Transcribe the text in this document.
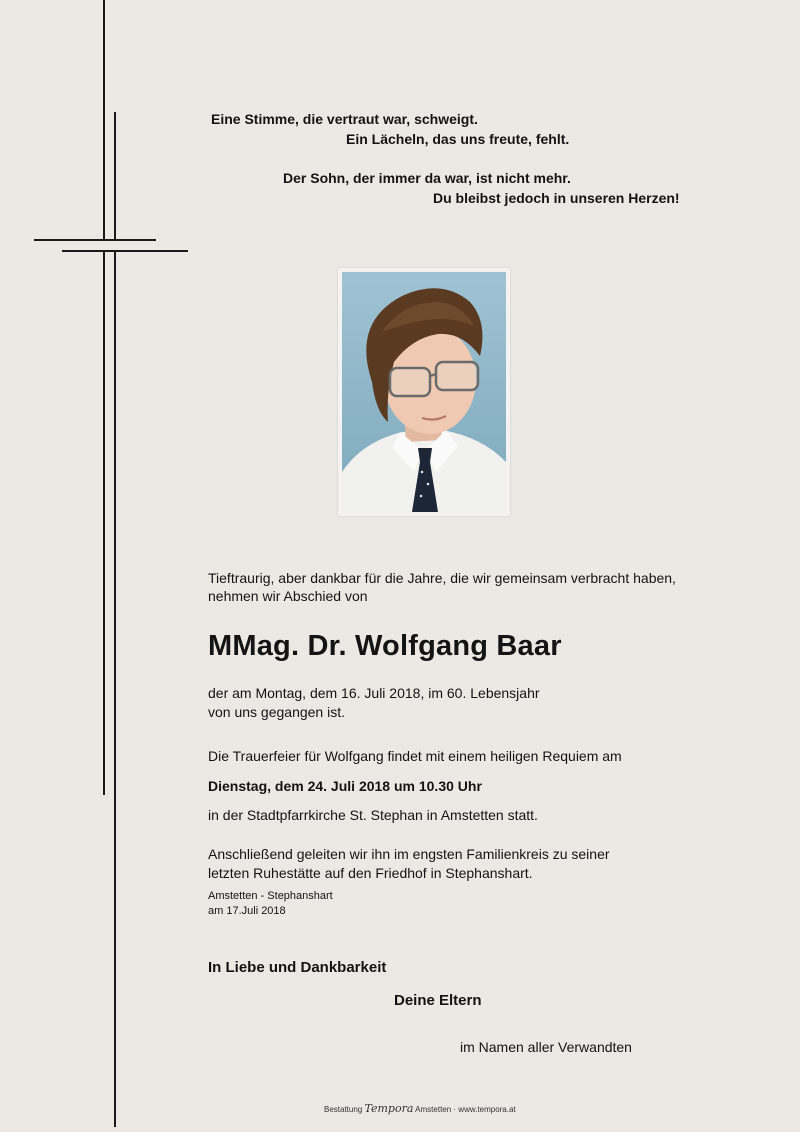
Eine Stimme, die vertraut war, schweigt.
Ein Lächeln, das uns freute, fehlt.
Der Sohn, der immer da war, ist nicht mehr.
Du bleibst jedoch in unseren Herzen!
Tieftraurig, aber dankbar für die Jahre, die wir gemeinsam verbracht haben,
nehmen wir Abschied von
MMag. Dr. Wolfgang Baar
der am Montag, dem 16. Juli 2018, im 60. Lebensjahr
von uns gegangen ist.
Die Trauerfeier für Wolfgang findet mit einem heiligen Requiem am
Dienstag, dem 24. Juli 2018 um 10.30 Uhr
in der Stadtpfarrkirche St. Stephan in Amstetten statt.
Anschließend geleiten wir ihn im engsten Familienkreis zu seiner
letzten Ruhestätte auf den Friedhof in Stephanshart.
Amstetten - Stephanshart
am 17.Juli 2018
In Liebe und Dankbarkeit
Deine Eltern
im Namen aller Verwandten
Bestattung Tempora Amstetten · www.tempora.at
